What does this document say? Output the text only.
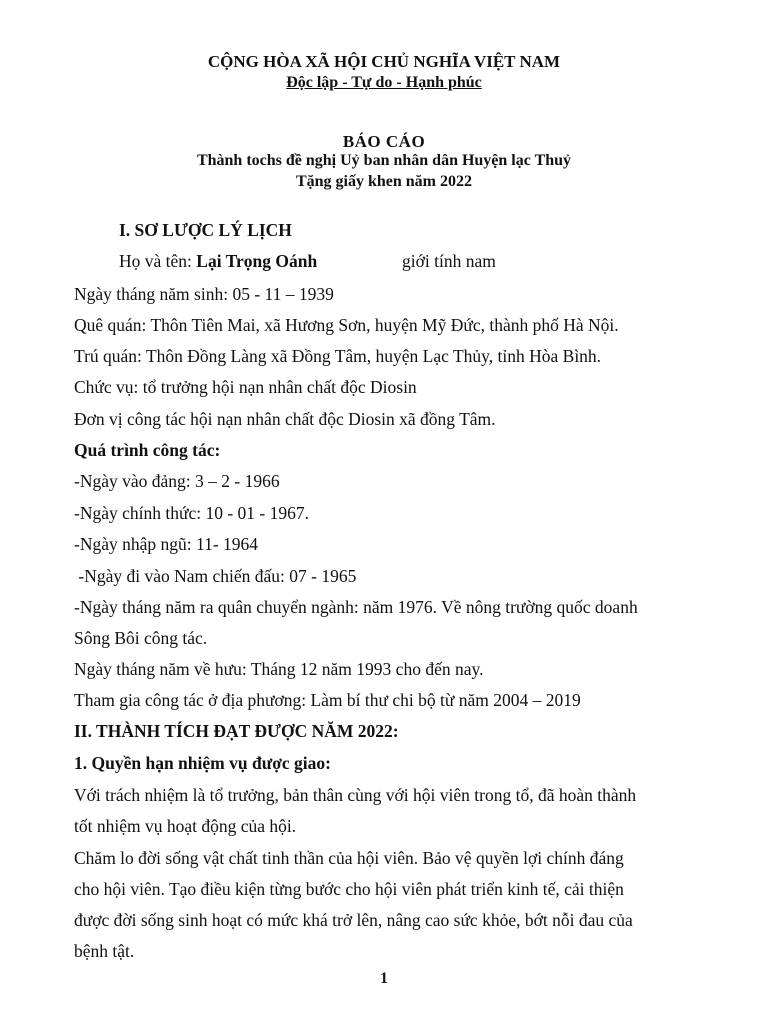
CỘNG HÒA XÃ HỘI CHỦ NGHĨA VIỆT NAM
Độc lập - Tự do - Hạnh phúc
BÁO CÁO
Thành tochs đề nghị Uỷ ban nhân dân Huyện lạc Thuỷ
Tặng giấy khen năm 2022
I. SƠ LƯỢC LÝ LỊCH
Họ và tên: Lại Trọng Oánh	giới tính nam
Ngày tháng năm sinh: 05 - 11 – 1939
Quê quán: Thôn Tiên Mai, xã Hương Sơn, huyện Mỹ Đức, thành phố Hà Nội.
Trú quán: Thôn Đồng Làng xã Đồng Tâm, huyện Lạc Thủy, tỉnh Hòa Bình.
Chức vụ: tổ trưởng hội nạn nhân chất độc Diosin
Đơn vị công tác hội nạn nhân chất độc Diosin xã đồng Tâm.
Quá trình công tác:
-Ngày vào đảng: 3 – 2 - 1966
-Ngày chính thức: 10 - 01 - 1967.
-Ngày nhập ngũ: 11- 1964
-Ngày đi vào Nam chiến đấu: 07 - 1965
-Ngày tháng năm ra quân chuyển ngành: năm 1976. Về nông trường quốc doanh
Sông Bôi công tác.
Ngày tháng năm về hưu: Tháng 12 năm 1993 cho đến nay.
Tham gia công tác ở địa phương: Làm bí thư chi bộ từ năm 2004 – 2019
II. THÀNH TÍCH ĐẠT ĐƯỢC NĂM 2022:
1. Quyền hạn nhiệm vụ được giao:
Với trách nhiệm là tổ trưởng, bản thân cùng với hội viên trong tổ, đã hoàn thành
tốt nhiệm vụ hoạt động của hội.
Chăm lo đời sống vật chất tinh thần của hội viên. Bảo vệ quyền lợi chính đáng
cho hội viên. Tạo điều kiện từng bước cho hội viên phát triển kinh tế, cải thiện
được đời sống sinh hoạt có mức khá trở lên, nâng cao sức khỏe, bớt nỗi đau của
bệnh tật.
1
